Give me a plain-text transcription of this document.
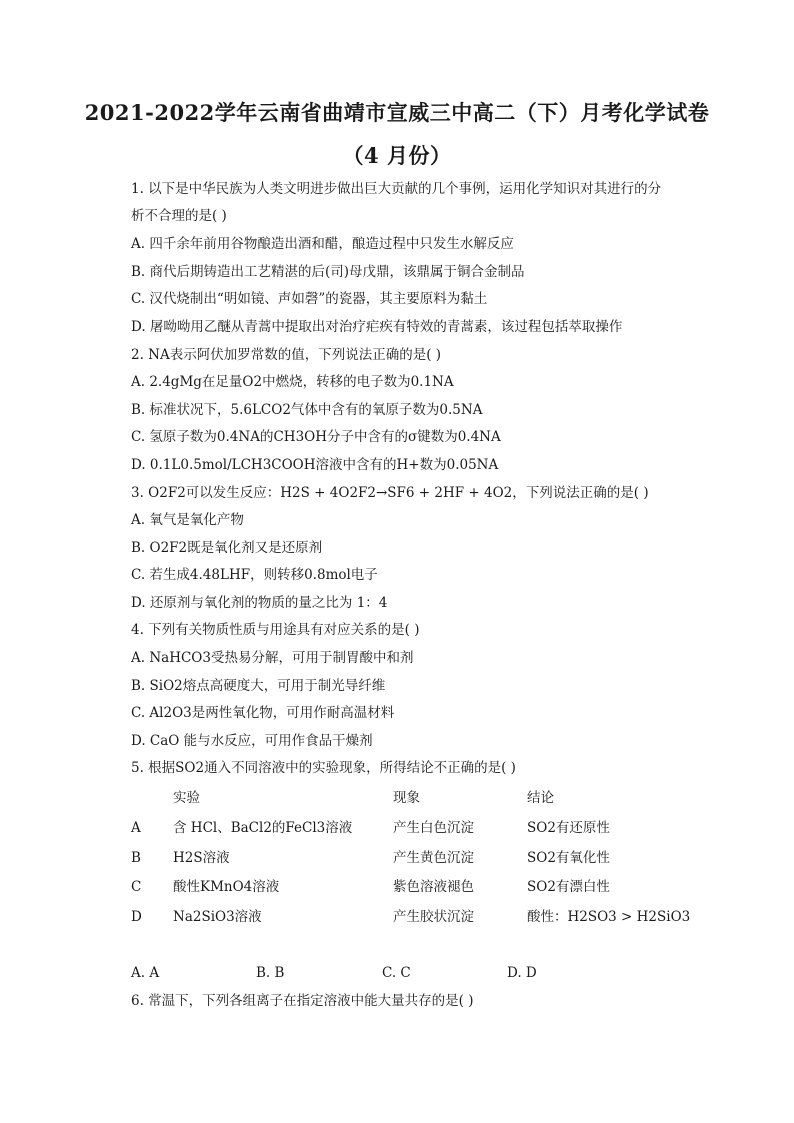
2021-2022学年云南省曲靖市宣威三中高二（下）月考化学试卷
（4 月份）
1. 以下是中华民族为人类文明进步做出巨大贡献的几个事例，运用化学知识对其进行的分
析不合理的是( )
A. 四千余年前用谷物酿造出酒和醋，酿造过程中只发生水解反应
B. 商代后期铸造出工艺精湛的后(司)母戊鼎，该鼎属于铜合金制品
C. 汉代烧制出“明如镜、声如磬”的瓷器，其主要原料为黏土
D. 屠呦呦用乙醚从青蒿中提取出对治疗疟疾有特效的青蒿素，该过程包括萃取操作
2. NA表示阿伏加罗常数的值，下列说法正确的是( )
A. 2.4gMg在足量O2中燃烧，转移的电子数为0.1NA
B. 标准状况下，5.6LCO2气体中含有的氧原子数为0.5NA
C. 氢原子数为0.4NA的CH3OH分子中含有的σ键数为0.4NA
D. 0.1L0.5mol/LCH3COOH溶液中含有的H+数为0.05NA
3. O2F2可以发生反应：H2S + 4O2F2→SF6 + 2HF + 4O2，下列说法正确的是( )
A. 氧气是氧化产物
B. O2F2既是氧化剂又是还原剂
C. 若生成4.48LHF，则转移0.8mol电子
D. 还原剂与氧化剂的物质的量之比为 1：4
4. 下列有关物质性质与用途具有对应关系的是( )
A. NaHCO3受热易分解，可用于制胃酸中和剂
B. SiO2熔点高硬度大，可用于制光导纤维
C. Al2O3是两性氧化物，可用作耐高温材料
D. CaO 能与水反应，可用作食品干燥剂
5. 根据SO2通入不同溶液中的实验现象，所得结论不正确的是( )
实验	现象	结论
A 含 HCl、BaCl2的FeCl3溶液	产生白色沉淀	SO2有还原性
B H2S溶液	产生黄色沉淀	SO2有氧化性
C 酸性KMnO4溶液	紫色溶液褪色	SO2有漂白性
D Na2SiO3溶液	产生胶状沉淀	酸性：H2SO3 > H2SiO3
A. A	B. B	C. C	D. D
6. 常温下，下列各组离子在指定溶液中能大量共存的是( )
